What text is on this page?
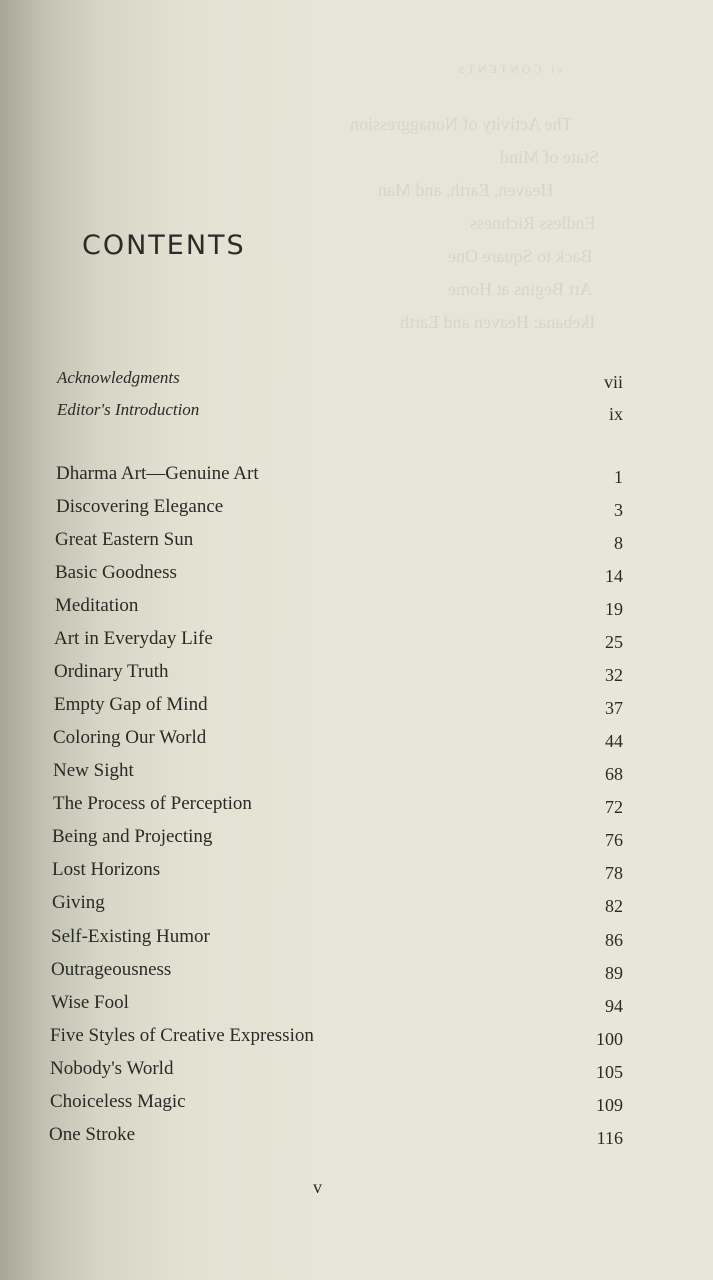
vi CONTENTS
The Activity of Nonaggression
State of Mind
Heaven, Earth, and Man
Endless Richness
Back to Square One
Art Begins at Home
Ikebana: Heaven and Earth
CONTENTS
Acknowledgments	vii
Editor's Introduction	ix
Dharma Art—Genuine Art	1
Discovering Elegance	3
Great Eastern Sun	8
Basic Goodness	14
Meditation	19
Art in Everyday Life	25
Ordinary Truth	32
Empty Gap of Mind	37
Coloring Our World	44
New Sight	68
The Process of Perception	72
Being and Projecting	76
Lost Horizons	78
Giving	82
Self-Existing Humor	86
Outrageousness	89
Wise Fool	94
Five Styles of Creative Expression	100
Nobody's World	105
Choiceless Magic	109
One Stroke	116
v
